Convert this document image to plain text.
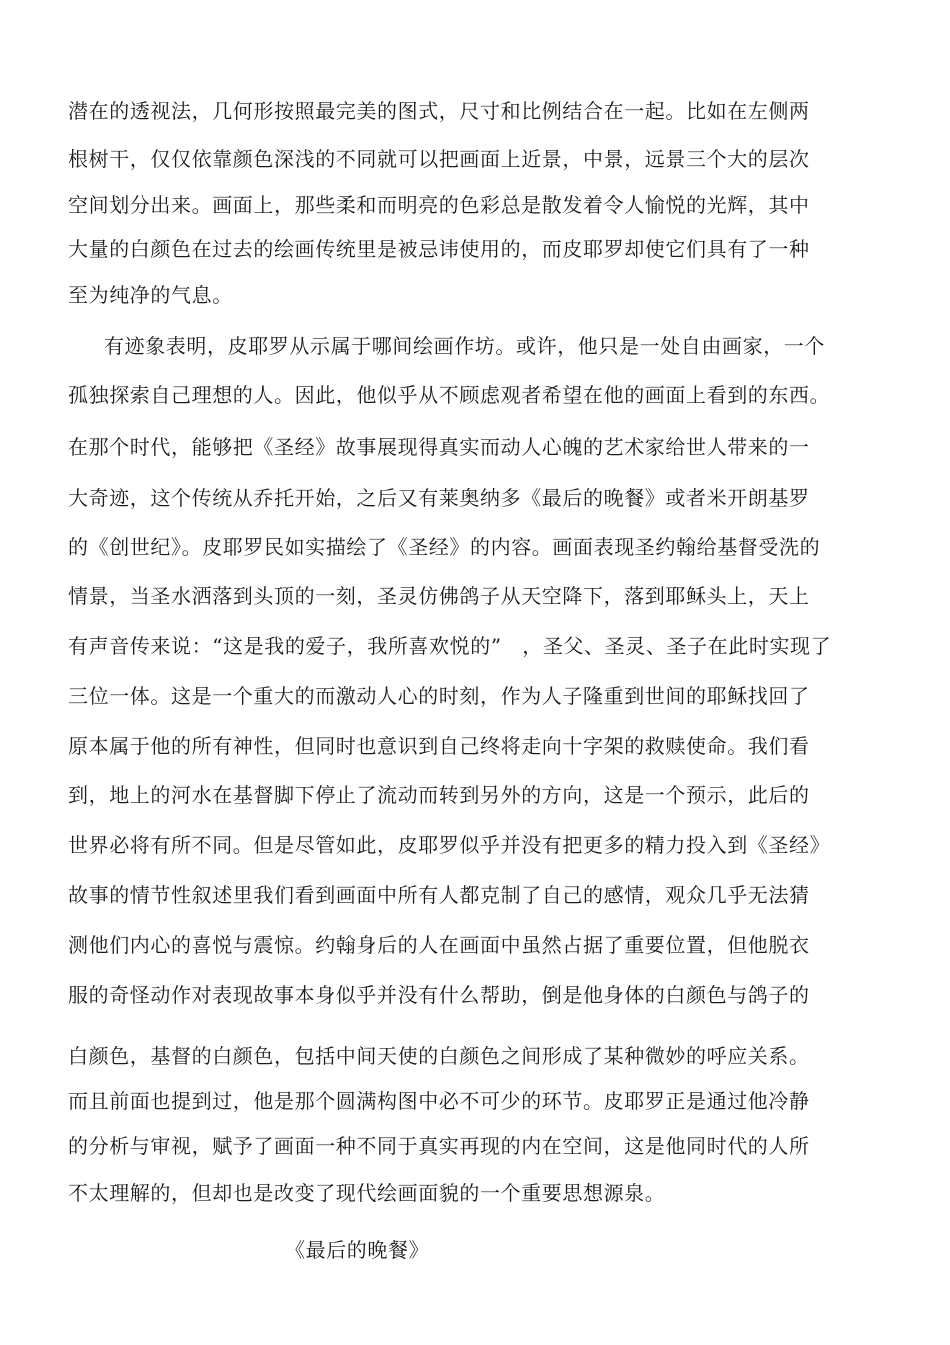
潜在的透视法，几何形按照最完美的图式，尺寸和比例结合在一起。比如在左侧两
根树干，仅仅依靠颜色深浅的不同就可以把画面上近景，中景，远景三个大的层次
空间划分出来。画面上，那些柔和而明亮的色彩总是散发着令人愉悦的光辉，其中
大量的白颜色在过去的绘画传统里是被忌讳使用的，而皮耶罗却使它们具有了一种
至为纯净的气息。
有迹象表明，皮耶罗从示属于哪间绘画作坊。或许，他只是一处自由画家，一个
孤独探索自己理想的人。因此，他似乎从不顾虑观者希望在他的画面上看到的东西。
在那个时代，能够把《圣经》故事展现得真实而动人心魄的艺术家给世人带来的一
大奇迹，这个传统从乔托开始，之后又有莱奥纳多《最后的晚餐》或者米开朗基罗
的《创世纪》。皮耶罗民如实描绘了《圣经》的内容。画面表现圣约翰给基督受洗的
情景，当圣水洒落到头顶的一刻，圣灵仿佛鸽子从天空降下，落到耶稣头上，天上
有声音传来说：“这是我的爱子，我所喜欢悦的”　，圣父、圣灵、圣子在此时实现了
三位一体。这是一个重大的而激动人心的时刻，作为人子隆重到世间的耶稣找回了
原本属于他的所有神性，但同时也意识到自己终将走向十字架的救赎使命。我们看
到，地上的河水在基督脚下停止了流动而转到另外的方向，这是一个预示，此后的
世界必将有所不同。但是尽管如此，皮耶罗似乎并没有把更多的精力投入到《圣经》
故事的情节性叙述里我们看到画面中所有人都克制了自己的感情，观众几乎无法猜
测他们内心的喜悦与震惊。约翰身后的人在画面中虽然占据了重要位置，但他脱衣
服的奇怪动作对表现故事本身似乎并没有什么帮助，倒是他身体的白颜色与鸽子的
白颜色，基督的白颜色，包括中间天使的白颜色之间形成了某种微妙的呼应关系。
而且前面也提到过，他是那个圆满构图中必不可少的环节。皮耶罗正是通过他冷静
的分析与审视，赋予了画面一种不同于真实再现的内在空间，这是他同时代的人所
不太理解的，但却也是改变了现代绘画面貌的一个重要思想源泉。
《最后的晚餐》
